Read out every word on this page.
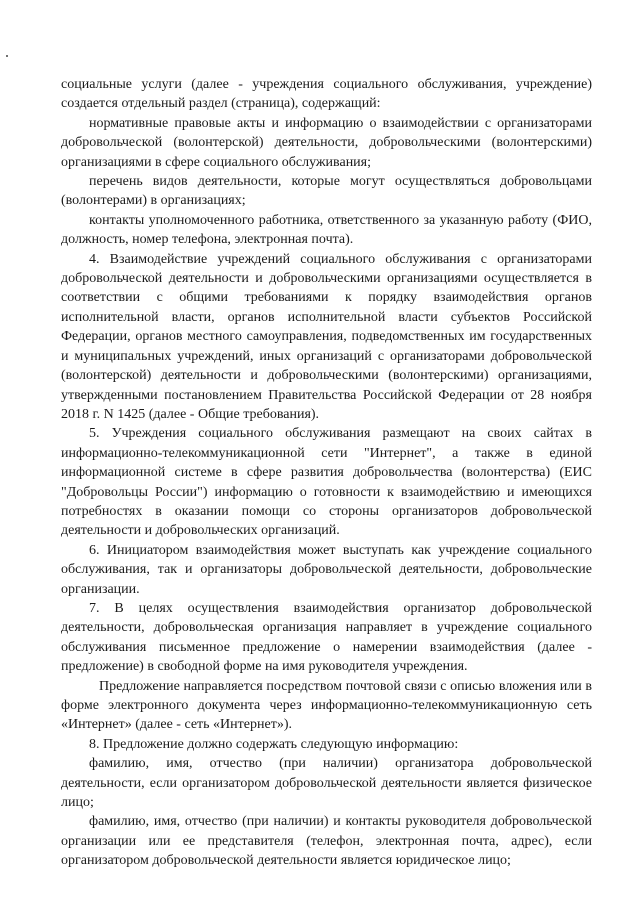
социальные услуги (далее - учреждения социального обслуживания, учреждение) создается отдельный раздел (страница), содержащий:

нормативные правовые акты и информацию о взаимодействии с организаторами добровольческой (волонтерской) деятельности, добровольческими (волонтерскими) организациями в сфере социального обслуживания;

перечень видов деятельности, которые могут осуществляться добровольцами (волонтерами) в организациях;

контакты уполномоченного работника, ответственного за указанную работу (ФИО, должность, номер телефона, электронная почта).

4. Взаимодействие учреждений социального обслуживания с организаторами добровольческой деятельности и добровольческими организациями осуществляется в соответствии с общими требованиями к порядку взаимодействия органов исполнительной власти, органов исполнительной власти субъектов Российской Федерации, органов местного самоуправления, подведомственных им государственных и муниципальных учреждений, иных организаций с организаторами добровольческой (волонтерской) деятельности и добровольческими (волонтерскими) организациями, утвержденными постановлением Правительства Российской Федерации от 28 ноября 2018 г. N 1425 (далее - Общие требования).

5. Учреждения социального обслуживания размещают на своих сайтах в информационно-телекоммуникационной сети "Интернет", а также в единой информационной системе в сфере развития добровольчества (волонтерства) (ЕИС "Добровольцы России") информацию о готовности к взаимодействию и имеющихся потребностях в оказании помощи со стороны организаторов добровольческой деятельности и добровольческих организаций.

6. Инициатором взаимодействия может выступать как учреждение социального обслуживания, так и организаторы добровольческой деятельности, добровольческие организации.

7. В целях осуществления взаимодействия организатор добровольческой деятельности, добровольческая организация направляет в учреждение социального обслуживания письменное предложение о намерении взаимодействия (далее - предложение) в свободной форме на имя руководителя учреждения.

Предложение направляется посредством почтовой связи с описью вложения или в форме электронного документа через информационно-телекоммуникационную сеть «Интернет» (далее - сеть «Интернет»).

8. Предложение должно содержать следующую информацию:

фамилию, имя, отчество (при наличии) организатора добровольческой деятельности, если организатором добровольческой деятельности является физическое лицо;

фамилию, имя, отчество (при наличии) и контакты руководителя добровольческой организации или ее представителя (телефон, электронная почта, адрес), если организатором добровольческой деятельности является юридическое лицо;
